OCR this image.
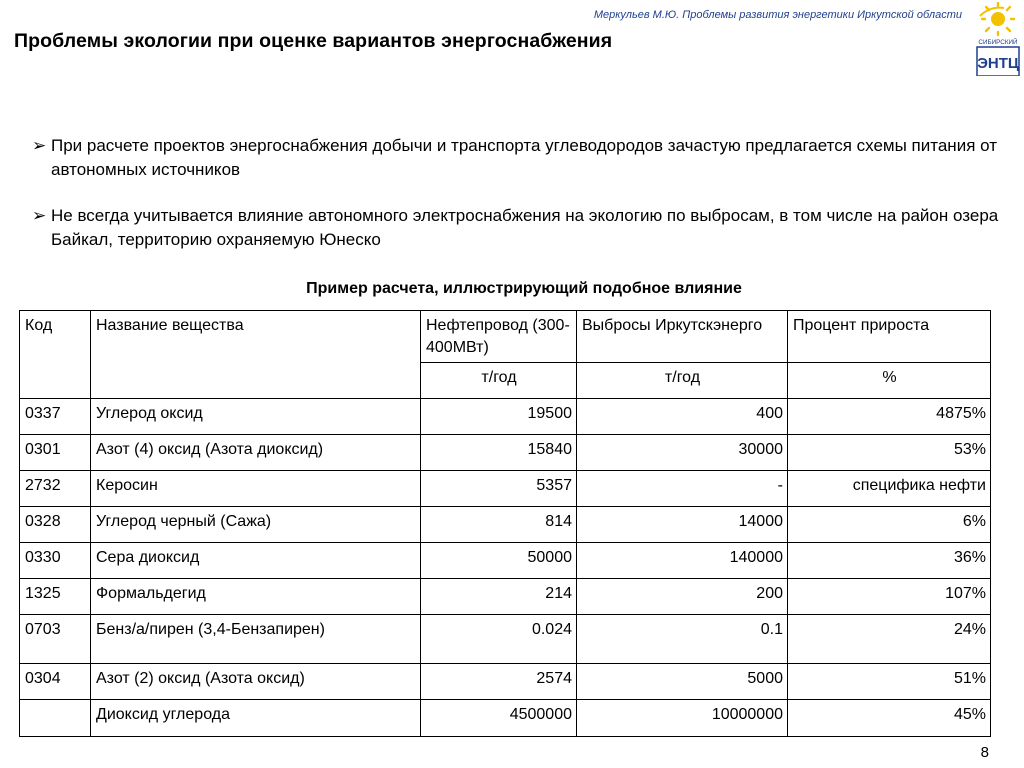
Меркульев М.Ю. Проблемы развития энергетики Иркутской области
СИБИРСКИЙ
ЭНТЦ
Проблемы экологии при оценке вариантов энергоснабжения
➢ При расчете проектов энергоснабжения добычи и транспорта углеводородов зачастую предлагается схемы питания от автономных источников
➢ Не всегда учитывается влияние автономного электроснабжения на экологию по выбросам, в том числе на район озера Байкал, территорию охраняемую Юнеско
Пример расчета, иллюстрирующий подобное влияние
Код	Название вещества	Нефтепровод (300-400МВт)	Выбросы Иркутскэнерго	Процент прироста
		т/год	т/год	%
0337	Углерод оксид	19500	400	4875%
0301	Азот (4) оксид (Азота диоксид)	15840	30000	53%
2732	Керосин	5357	-	специфика нефти
0328	Углерод черный (Сажа)	814	14000	6%
0330	Сера диоксид	50000	140000	36%
1325	Формальдегид	214	200	107%
0703	Бенз/а/пирен (3,4-Бензапирен)	0.024	0.1	24%
0304	Азот (2) оксид (Азота оксид)	2574	5000	51%
	Диоксид углерода	4500000	10000000	45%
8
